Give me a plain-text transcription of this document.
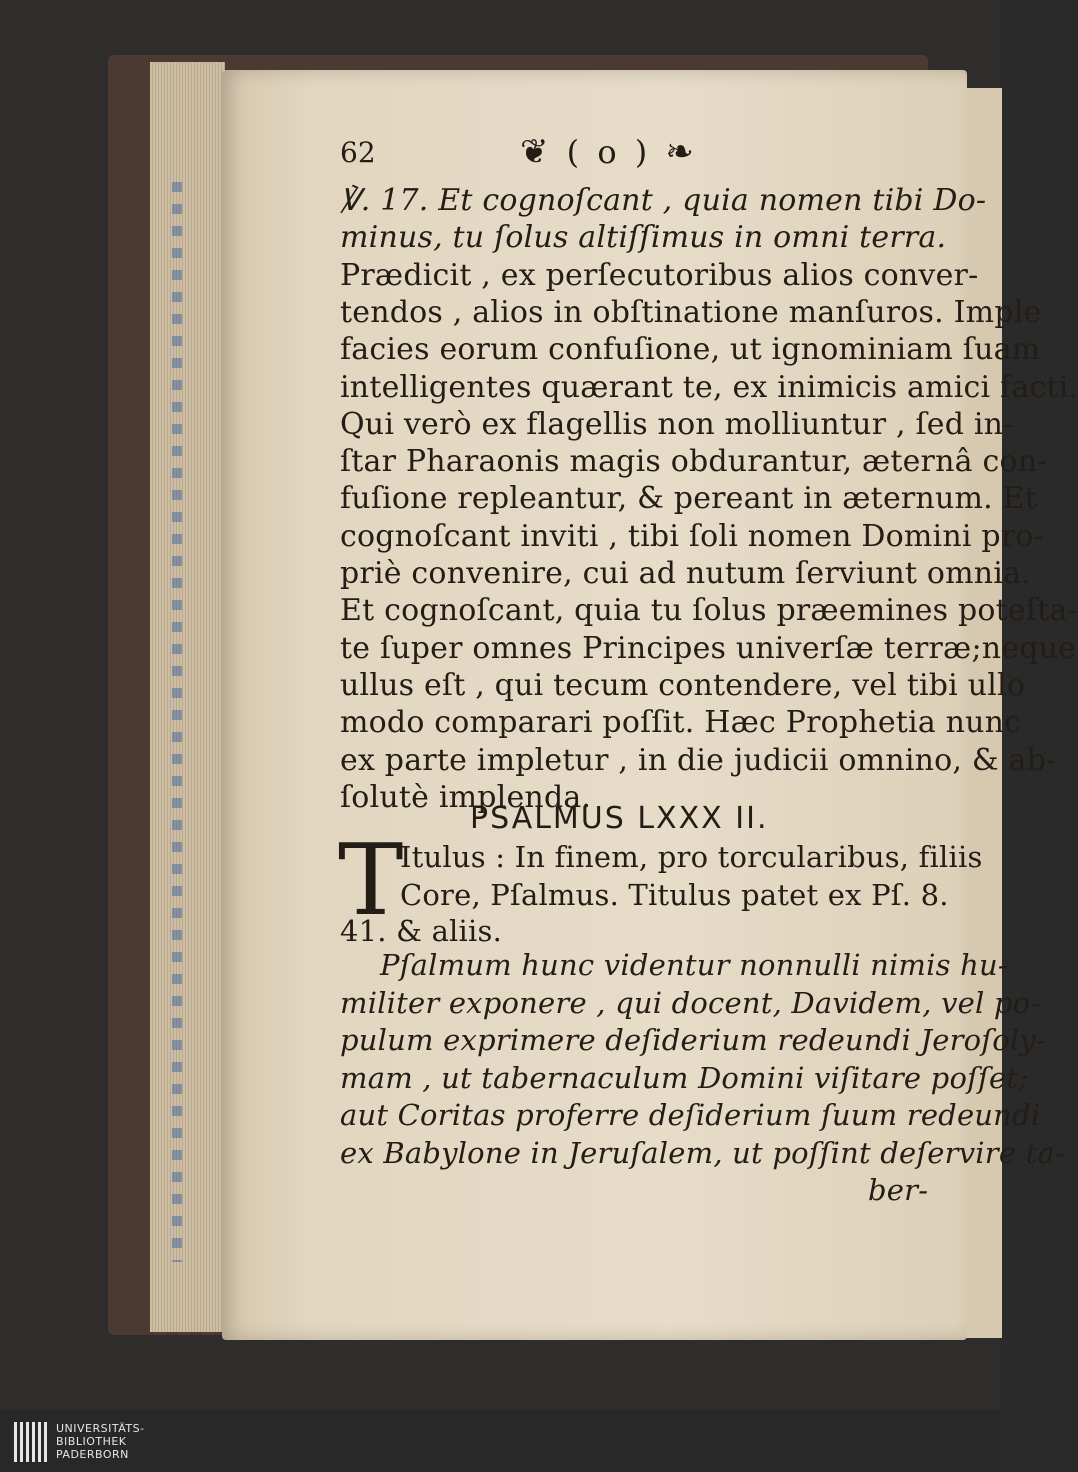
62	❦ ( o ) ❧
℣. 17. Et cognoſcant , quia nomen tibi Do-
minus, tu ſolus altiſſimus in omni terra.
Prædicit , ex perſecutoribus alios conver-
tendos , alios in obſtinatione manſuros. Imple
facies eorum confuſione, ut ignominiam ſuam
intelligentes quærant te, ex inimicis amici facti.
Qui verò ex flagellis non molliuntur , ſed in-
ſtar Pharaonis magis obdurantur, æternâ con-
fuſione repleantur, & pereant in æternum. Et
cognoſcant inviti , tibi ſoli nomen Domini pro-
priè convenire, cui ad nutum ſerviunt omnia.
Et cognoſcant, quia tu ſolus præemines poteſta-
te ſuper omnes Principes univerſæ terræ;neque
ullus eſt , qui tecum contendere, vel tibi ullo
modo comparari poſſit. Hæc Prophetia nunc
ex parte impletur , in die judicii omnino, & ab-
ſolutè implenda.
PSALMUS LXXX II.
T
Itulus : In finem, pro torcularibus, filiis
Core, Pſalmus. Titulus patet ex Pſ. 8.
41. & aliis.
Pſalmum hunc videntur nonnulli nimis hu-
militer exponere , qui docent, Davidem, vel po-
pulum exprimere deſiderium redeundi Jeroſoly-
mam , ut tabernaculum Domini viſitare poſſet;
aut Coritas proferre deſiderium ſuum redeundi
ex Babylone in Jeruſalem, ut poſſint deſervire ta-
ber-
UNIVERSITÄTS-
BIBLIOTHEK
PADERBORN
